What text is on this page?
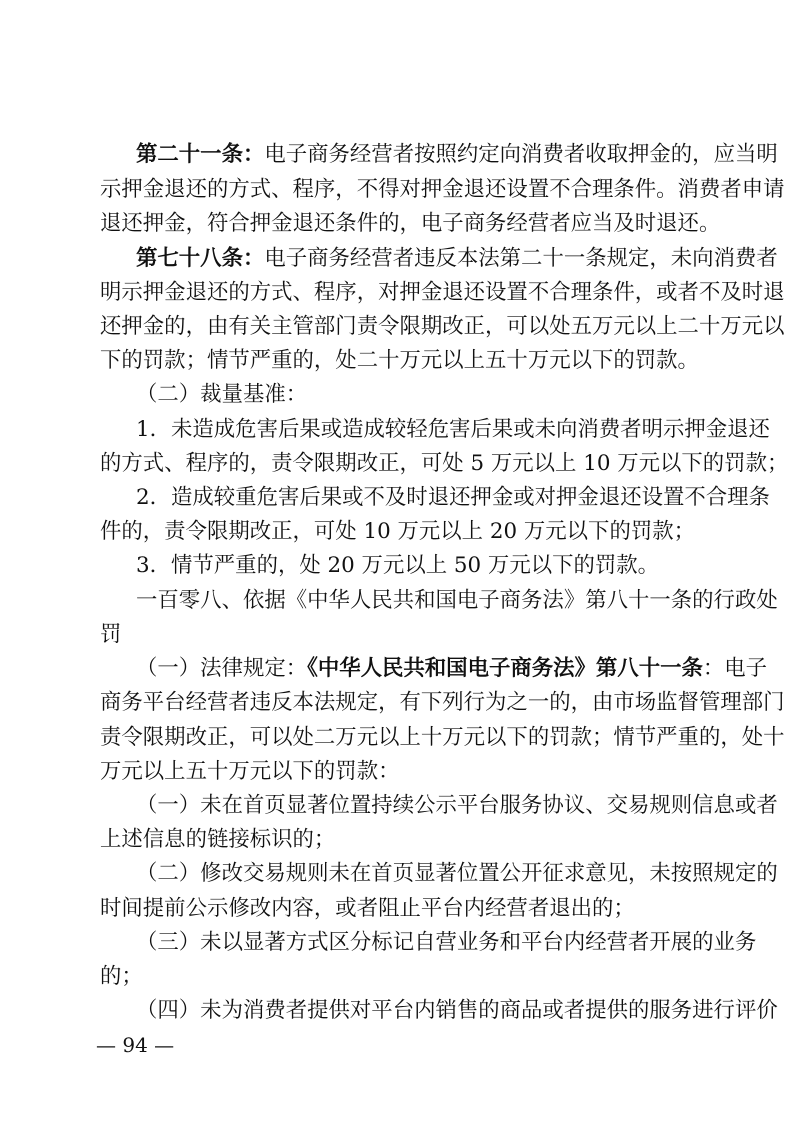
第二十一条：电子商务经营者按照约定向消费者收取押金的，应当明
示押金退还的方式、程序，不得对押金退还设置不合理条件。消费者申请
退还押金，符合押金退还条件的，电子商务经营者应当及时退还。
第七十八条：电子商务经营者违反本法第二十一条规定，未向消费者
明示押金退还的方式、程序，对押金退还设置不合理条件，或者不及时退
还押金的，由有关主管部门责令限期改正，可以处五万元以上二十万元以
下的罚款；情节严重的，处二十万元以上五十万元以下的罚款。
（二）裁量基准：
1．未造成危害后果或造成较轻危害后果或未向消费者明示押金退还
的方式、程序的，责令限期改正，可处 5 万元以上 10 万元以下的罚款；
2．造成较重危害后果或不及时退还押金或对押金退还设置不合理条
件的，责令限期改正，可处 10 万元以上 20 万元以下的罚款；
3．情节严重的，处 20 万元以上 50 万元以下的罚款。
一百零八、依据《中华人民共和国电子商务法》第八十一条的行政处
罚
（一）法律规定：《中华人民共和国电子商务法》第八十一条：电子
商务平台经营者违反本法规定，有下列行为之一的，由市场监督管理部门
责令限期改正，可以处二万元以上十万元以下的罚款；情节严重的，处十
万元以上五十万元以下的罚款：
（一）未在首页显著位置持续公示平台服务协议、交易规则信息或者
上述信息的链接标识的；
（二）修改交易规则未在首页显著位置公开征求意见，未按照规定的
时间提前公示修改内容，或者阻止平台内经营者退出的；
（三）未以显著方式区分标记自营业务和平台内经营者开展的业务
的；
（四）未为消费者提供对平台内销售的商品或者提供的服务进行评价
— 94 —
